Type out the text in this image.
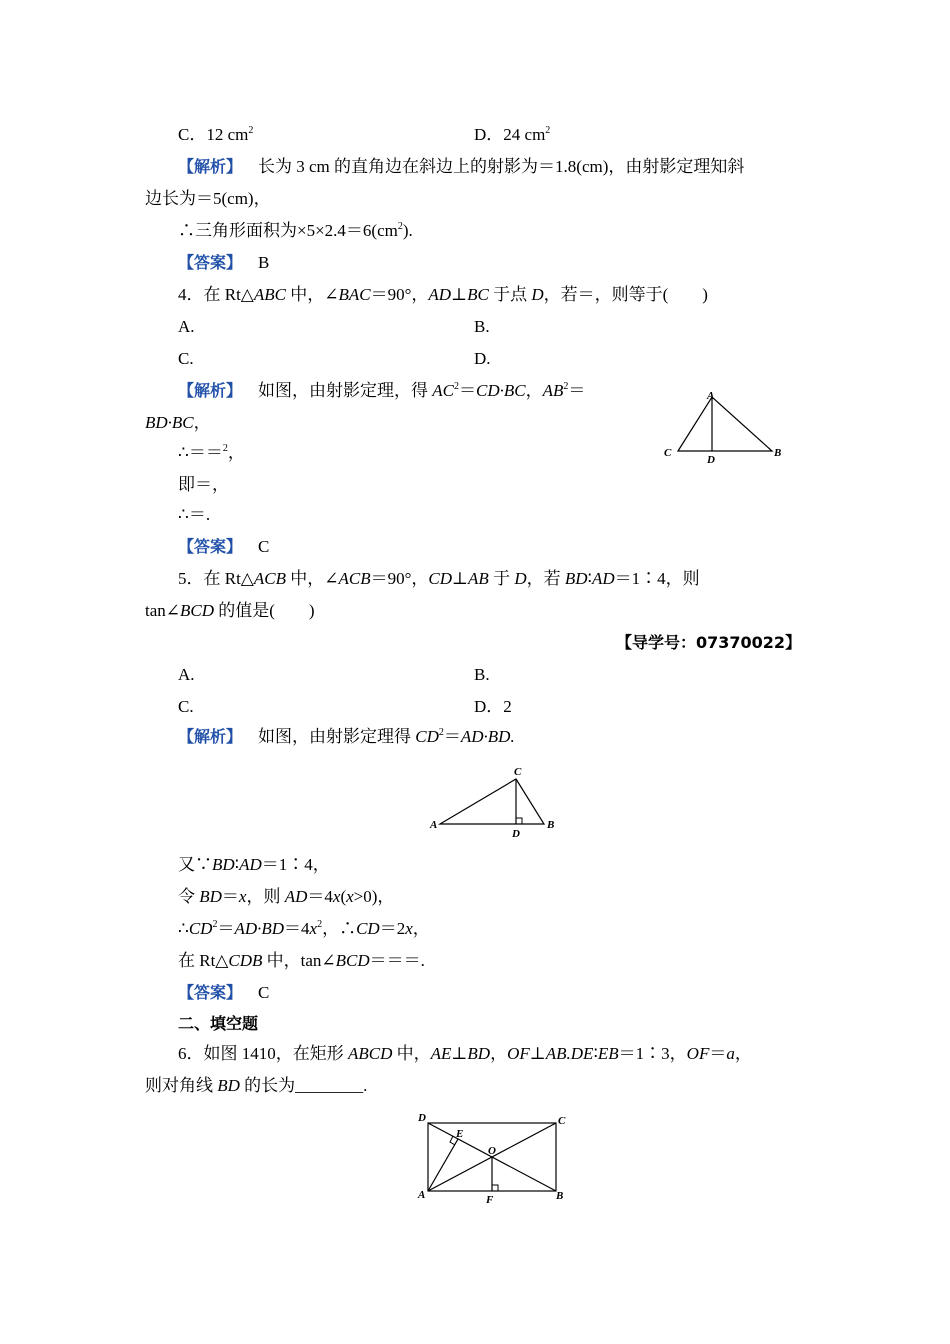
C．12 $cm^2$	D．24 $cm^2$
【解析】 长为 3 cm 的直角边在斜边上的射影为＝1.8(cm)，由射影定理知斜
边长为＝5(cm)，
∴三角形面积为$\times 5\times 2.4=6(cm^2)$.
【答案】 B
4．在 Rt△ABC 中，∠BAC＝90°，AD⊥BC 于点 D，若＝，则等于(　　)
A.	B.
C.	D.
【解析】 如图，由射影定理，得 $AC^2=CD\cdot BC$，$AB^2=$
BD·BC，
∴＝＝$^2$，
即＝，
∴＝.
【答案】 C
A
C
D
B
5．在 Rt△ACB 中，∠ACB＝90°，CD⊥AB 于 D，若 BD∶AD＝1∶4，则
tan∠BCD 的值是(　　)
【导学号：07370022】
A.	B.
C.	D．2
【解析】 如图，由射影定理得 $CD^2=AD\cdot BD$.
C
A
D
B
又∵BD∶AD＝1∶4，
令 BD＝x，则 AD＝4x(x>0)，
$\therefore CD^2=AD\cdot BD=4x^2$，∴CD＝2x，
在 Rt△CDB 中，tan∠BCD＝＝＝.
【答案】 C
二、填空题
6．如图 1410，在矩形 ABCD 中，AE⊥BD，OF⊥AB.DE∶EB＝1∶3，OF＝a，
则对角线 BD 的长为________.
D	C
E
O
A	F	B
